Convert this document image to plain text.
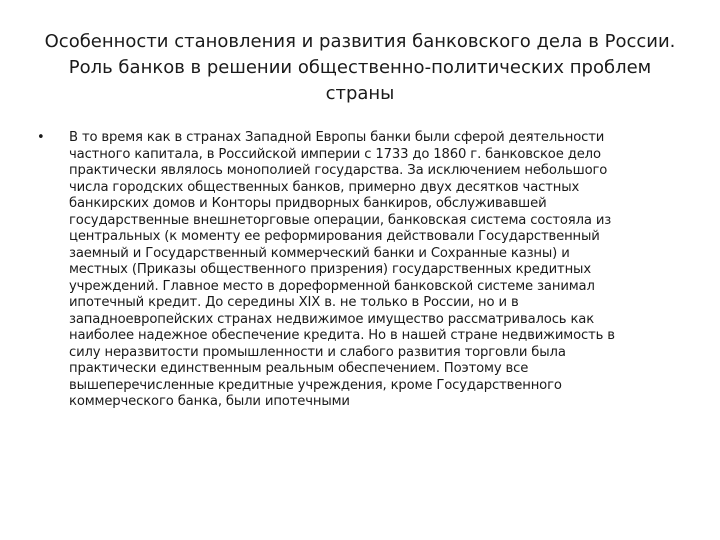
Особенности становления и развития банковского дела в России.
Роль банков в решении общественно-политических проблем
страны
• В то время как в странах Западной Европы банки были сферой деятельности
частного капитала, в Российской империи с 1733 до 1860 г. банковское дело
практически являлось монополией государства. За исключением небольшого
числа городских общественных банков, примерно двух десятков частных
банкирских домов и Конторы придворных банкиров, обслуживавшей
государственные внешнеторговые операции, банковская система состояла из
центральных (к моменту ее реформирования действовали Государственный
заемный и Государственный коммерческий банки и Сохранные казны) и
местных (Приказы общественного призрения) государственных кредитных
учреждений. Главное место в дореформенной банковской системе занимал
ипотечный кредит. До середины XIX в. не только в России, но и в
западноевропейских странах недвижимое имущество рассматривалось как
наиболее надежное обеспечение кредита. Но в нашей стране недвижимость в
силу неразвитости промышленности и слабого развития торговли была
практически единственным реальным обеспечением. Поэтому все
вышеперечисленные кредитные учреждения, кроме Государственного
коммерческого банка, были ипотечными
